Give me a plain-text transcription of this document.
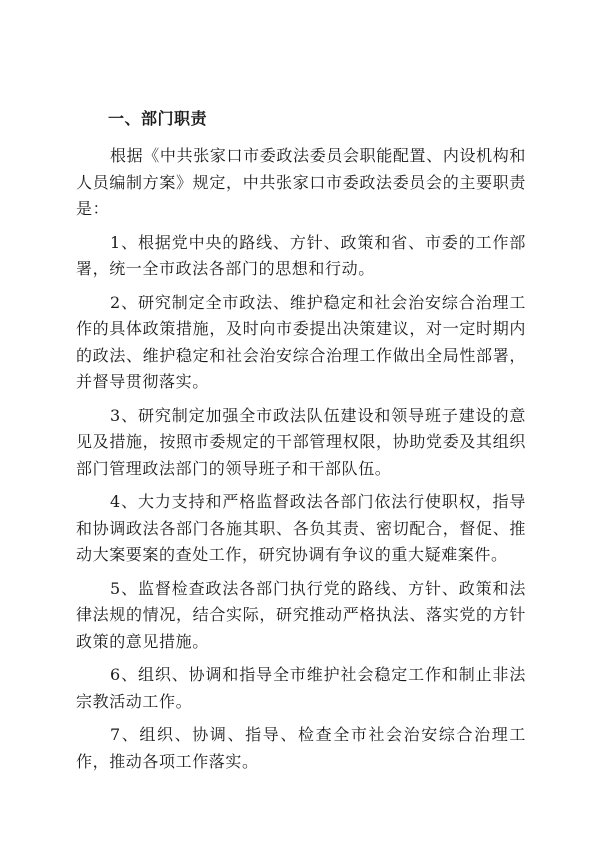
一、部门职责

根据《中共张家口市委政法委员会职能配置、内设机构和人员编制方案》规定，中共张家口市委政法委员会的主要职责是：

1、根据党中央的路线、方针、政策和省、市委的工作部署，统一全市政法各部门的思想和行动。

2、研究制定全市政法、维护稳定和社会治安综合治理工作的具体政策措施，及时向市委提出决策建议，对一定时期内的政法、维护稳定和社会治安综合治理工作做出全局性部署，并督导贯彻落实。

3、研究制定加强全市政法队伍建设和领导班子建设的意见及措施，按照市委规定的干部管理权限，协助党委及其组织部门管理政法部门的领导班子和干部队伍。

4、大力支持和严格监督政法各部门依法行使职权，指导和协调政法各部门各施其职、各负其责、密切配合，督促、推动大案要案的查处工作，研究协调有争议的重大疑难案件。

5、监督检查政法各部门执行党的路线、方针、政策和法律法规的情况，结合实际，研究推动严格执法、落实党的方针政策的意见措施。

6、组织、协调和指导全市维护社会稳定工作和制止非法宗教活动工作。

7、组织、协调、指导、检查全市社会治安综合治理工作，推动各项工作落实。
